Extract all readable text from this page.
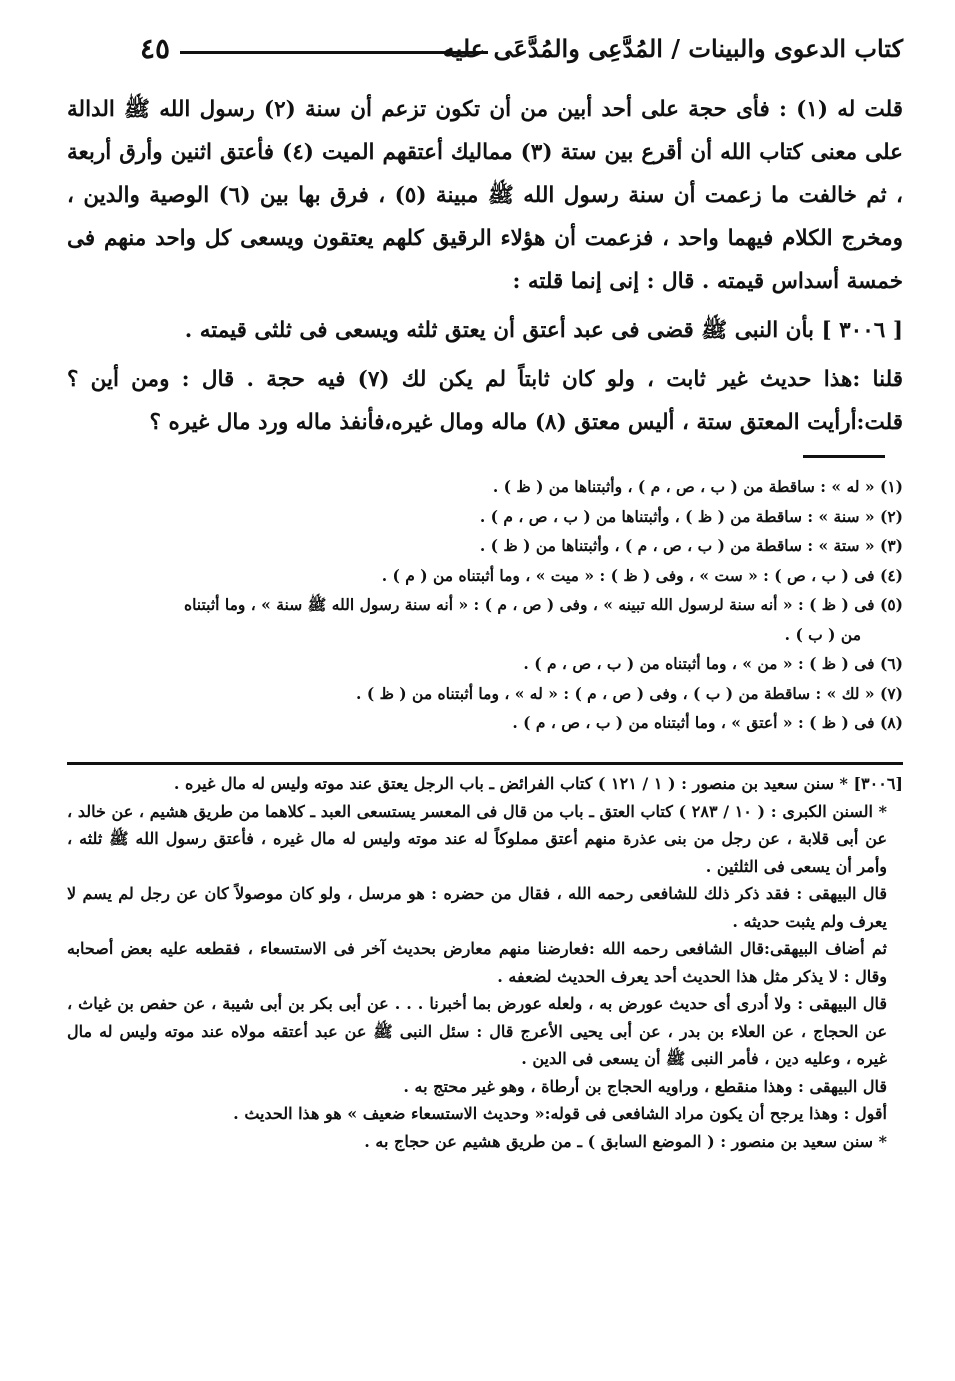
٤٥	كتاب الدعوى والبينات / المُدَّعِى والمُدَّعَى عليه

قلت له (١) : فأى حجة على أحد أبين من أن تكون تزعم أن سنة (٢) رسول الله ﷺ الدالة على معنى كتاب الله أن أقرع بين ستة (٣) مماليك أعتقهم الميت (٤) فأعتق اثنين وأرق أربعة ، ثم خالفت ما زعمت أن سنة رسول الله ﷺ مبينة (٥) ، فرق بها بين (٦) الوصية والدين ، ومخرج الكلام فيهما واحد ، فزعمت أن هؤلاء الرقيق كلهم يعتقون ويسعى كل واحد منهم فى خمسة أسداس قيمته . قال : إنى إنما قلته :

[ ٣٠٠٦ ] بأن النبى ﷺ قضى فى عبد أعتق أن يعتق ثلثه ويسعى فى ثلثى قيمته .

قلنا :هذا حديث غير ثابت ، ولو كان ثابتاً لم يكن لك (٧) فيه حجة . قال : ومن أين ؟ قلت:أرأيت المعتق ستة ، أليس معتق (٨) ماله ومال غيره،فأنفذ ماله ورد مال غيره ؟

(١) « له » : ساقطة من ( ب ، ص ، م ) ، وأثبتناها من ( ظ ) .

(٢) « سنة » : ساقطة من ( ظ ) ، وأثبتناها من ( ب ، ص ، م ) .

(٣) « ستة » : ساقطة من ( ب ، ص ، م ) ، وأثبتناها من ( ظ ) .

(٤) فى ( ب ، ص ) : « ست » ، وفى ( ظ ) : « ميت » ، وما أثبتناه من ( م ) .

(٥) فى ( ظ ) : « أنه سنة لرسول الله تبينه » ، وفى ( ص ، م ) : « أنه سنة رسول الله ﷺ سنة » ، وما أثبتناه

من ( ب ) .

(٦) فى ( ظ ) : « من » ، وما أثبتناه من ( ب ، ص ، م ) .

(٧) « لك » : ساقطة من ( ب ) ، وفى ( ص ، م ) : « له » ، وما أثبتناه من ( ظ ) .

(٨) فى ( ظ ) : « أعتق » ، وما أثبتناه من ( ب ، ص ، م ) .

[٣٠٠٦] * سنن سعيد بن منصور : ( ١ / ١٢١ ) كتاب الفرائض ـ باب الرجل يعتق عند موته وليس له مال غيره .

* السنن الكبرى : ( ١٠ / ٢٨٣ ) كتاب العتق ـ باب من قال فى المعسر يستسعى العبد ـ كلاهما من طريق هشيم ، عن خالد ، عن أبى قلابة ، عن رجل من بنى عذرة منهم أعتق مملوكاً له عند موته وليس له مال غيره ، فأعتق رسول الله ﷺ ثلثه ، وأمر أن يسعى فى الثلثين .

قال البيهقى : فقد ذكر ذلك للشافعى رحمه الله ، فقال من حضره : هو مرسل ، ولو كان موصولاً كان عن رجل لم يسم لا يعرف ولم يثبت حديثه .

ثم أضاف البيهقى:قال الشافعى رحمه الله :فعارضنا منهم معارض بحديث آخر فى الاستسعاء ، فقطعه عليه بعض أصحابه وقال : لا يذكر مثل هذا الحديث أحد يعرف الحديث لضعفه .

قال البيهقى : ولا أدرى أى حديث عورض به ، ولعله عورض بما أخبرنا . . . عن أبى بكر بن أبى شيبة ، عن حفص بن غياث ، عن الحجاج ، عن العلاء بن بدر ، عن أبى يحيى الأعرج قال : سئل النبى ﷺ عن عبد أعتقه مولاه عند موته وليس له مال غيره ، وعليه دين ، فأمر النبى ﷺ أن يسعى فى الدين .

قال البيهقى : وهذا منقطع ، وراويه الحجاج بن أرطاة ، وهو غير محتج به .

أقول : وهذا يرجح أن يكون مراد الشافعى فى قوله:« وحديث الاستسعاء ضعيف » هو هذا الحديث .

* سنن سعيد بن منصور : ( الموضع السابق ) ـ من طريق هشيم عن حجاج به .
